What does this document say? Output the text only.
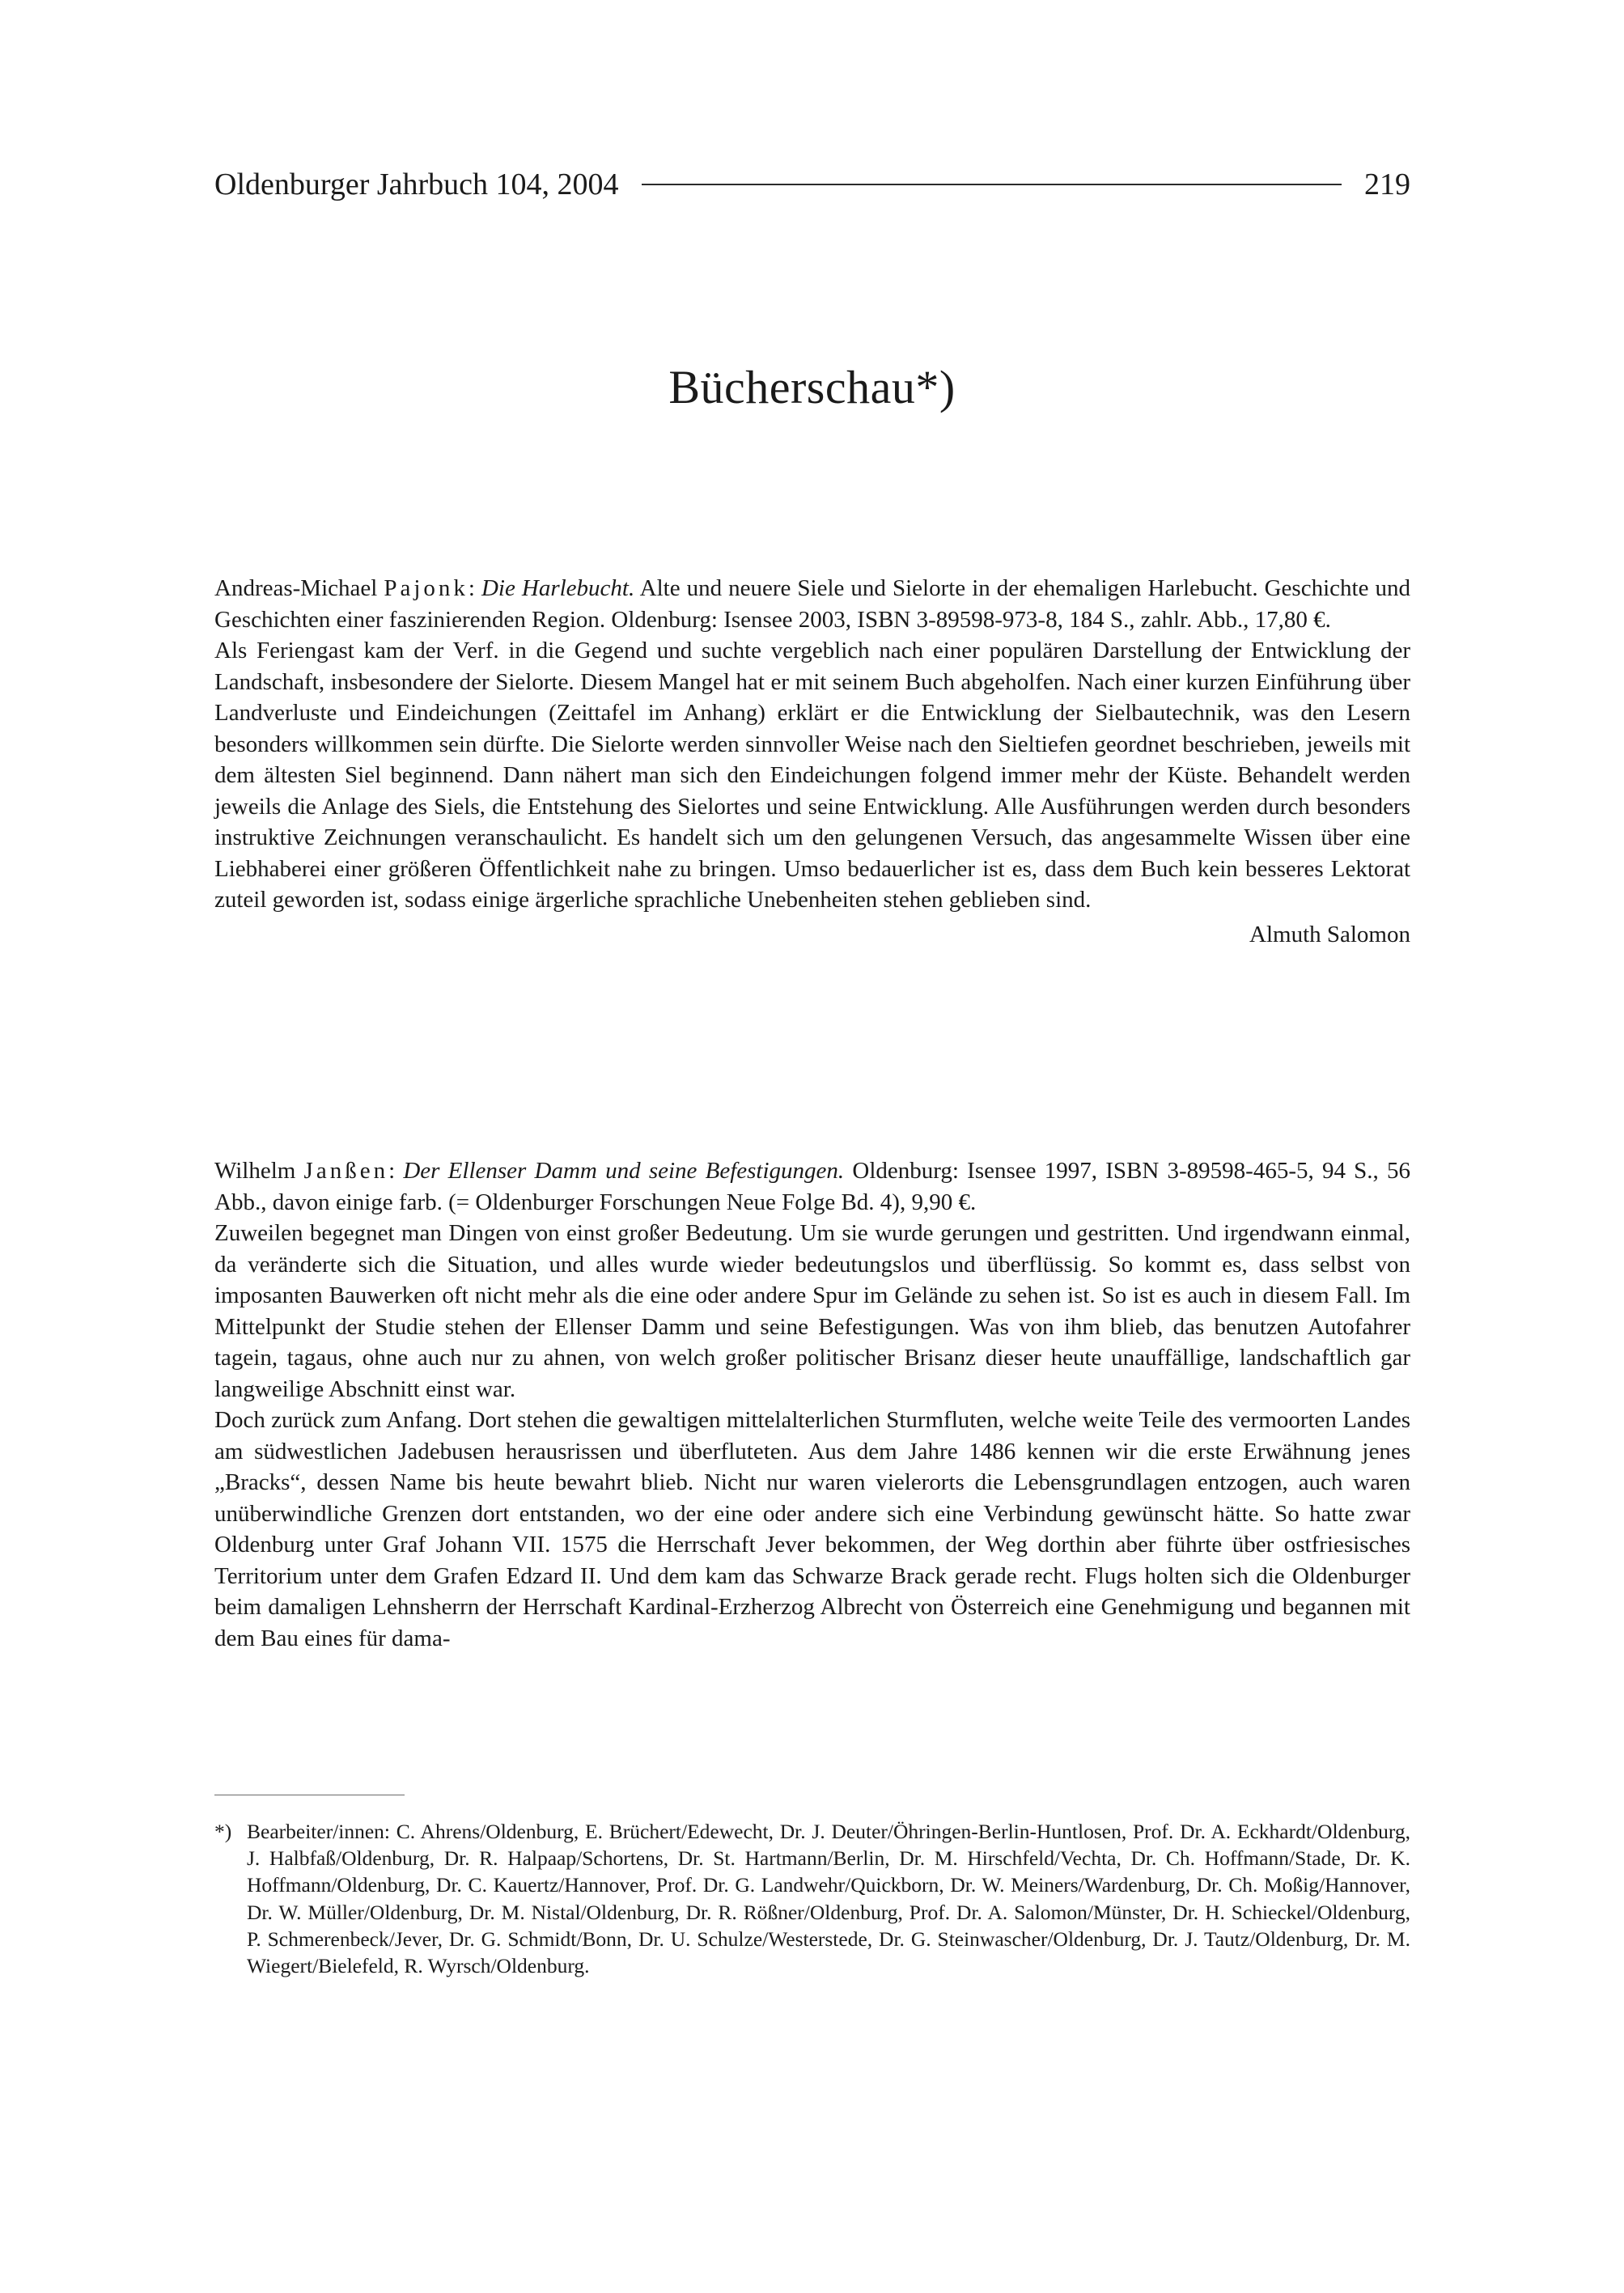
Oldenburger Jahrbuch 104, 2004	219
Bücherschau*)

Andreas-Michael Pajonk: Die Harlebucht. Alte und neuere Siele und Sielorte in der ehemaligen Harlebucht. Geschichte und Geschichten einer faszinierenden Region. Oldenburg: Isensee 2003, ISBN 3-89598-973-8, 184 S., zahlr. Abb., 17,80 €.

Als Feriengast kam der Verf. in die Gegend und suchte vergeblich nach einer populären Darstellung der Entwicklung der Landschaft, insbesondere der Sielorte. Diesem Mangel hat er mit seinem Buch abgeholfen. Nach einer kurzen Einführung über Landverluste und Eindeichungen (Zeittafel im Anhang) erklärt er die Entwicklung der Sielbautechnik, was den Lesern besonders willkommen sein dürfte. Die Sielorte werden sinnvoller Weise nach den Sieltiefen geordnet beschrieben, jeweils mit dem ältesten Siel beginnend. Dann nähert man sich den Eindeichungen folgend immer mehr der Küste. Behandelt werden jeweils die Anlage des Siels, die Entstehung des Sielortes und seine Entwicklung. Alle Ausführungen werden durch besonders instruktive Zeichnungen veranschaulicht. Es handelt sich um den gelungenen Versuch, das angesammelte Wissen über eine Liebhaberei einer größeren Öffentlichkeit nahe zu bringen. Umso bedauerlicher ist es, dass dem Buch kein besseres Lektorat zuteil geworden ist, sodass einige ärgerliche sprachliche Unebenheiten stehen geblieben sind.

Almuth Salomon

Wilhelm Janßen: Der Ellenser Damm und seine Befestigungen. Oldenburg: Isensee 1997, ISBN 3-89598-465-5, 94 S., 56 Abb., davon einige farb. (= Oldenburger Forschungen Neue Folge Bd. 4), 9,90 €.

Zuweilen begegnet man Dingen von einst großer Bedeutung. Um sie wurde gerungen und gestritten. Und irgendwann einmal, da veränderte sich die Situation, und alles wurde wieder bedeutungslos und überflüssig. So kommt es, dass selbst von imposanten Bauwerken oft nicht mehr als die eine oder andere Spur im Gelände zu sehen ist. So ist es auch in diesem Fall. Im Mittelpunkt der Studie stehen der Ellenser Damm und seine Befestigungen. Was von ihm blieb, das benutzen Autofahrer tagein, tagaus, ohne auch nur zu ahnen, von welch großer politischer Brisanz dieser heute unauffällige, landschaftlich gar langweilige Abschnitt einst war.

Doch zurück zum Anfang. Dort stehen die gewaltigen mittelalterlichen Sturmfluten, welche weite Teile des vermoorten Landes am südwestlichen Jadebusen herausrissen und überfluteten. Aus dem Jahre 1486 kennen wir die erste Erwähnung jenes „Bracks“, dessen Name bis heute bewahrt blieb. Nicht nur waren vielerorts die Lebensgrundlagen entzogen, auch waren unüberwindliche Grenzen dort entstanden, wo der eine oder andere sich eine Verbindung gewünscht hätte. So hatte zwar Oldenburg unter Graf Johann VII. 1575 die Herrschaft Jever bekommen, der Weg dorthin aber führte über ostfriesisches Territorium unter dem Grafen Edzard II. Und dem kam das Schwarze Brack gerade recht. Flugs holten sich die Oldenburger beim damaligen Lehnsherrn der Herrschaft Kardinal-Erzherzog Albrecht von Österreich eine Genehmigung und begannen mit dem Bau eines für dama-

*) Bearbeiter/innen: C. Ahrens/Oldenburg, E. Brüchert/Edewecht, Dr. J. Deuter/Öhringen-Berlin-Huntlosen, Prof. Dr. A. Eckhardt/Oldenburg, J. Halbfaß/Oldenburg, Dr. R. Halpaap/Schortens, Dr. St. Hartmann/Berlin, Dr. M. Hirschfeld/Vechta, Dr. Ch. Hoffmann/Stade, Dr. K. Hoffmann/Oldenburg, Dr. C. Kauertz/Hannover, Prof. Dr. G. Landwehr/Quickborn, Dr. W. Meiners/Wardenburg, Dr. Ch. Moßig/Hannover, Dr. W. Müller/Oldenburg, Dr. M. Nistal/Oldenburg, Dr. R. Rößner/Oldenburg, Prof. Dr. A. Salomon/Münster, Dr. H. Schieckel/Oldenburg, P. Schmerenbeck/Jever, Dr. G. Schmidt/Bonn, Dr. U. Schulze/Westerstede, Dr. G. Steinwascher/Oldenburg, Dr. J. Tautz/Oldenburg, Dr. M. Wiegert/Bielefeld, R. Wyrsch/Oldenburg.
